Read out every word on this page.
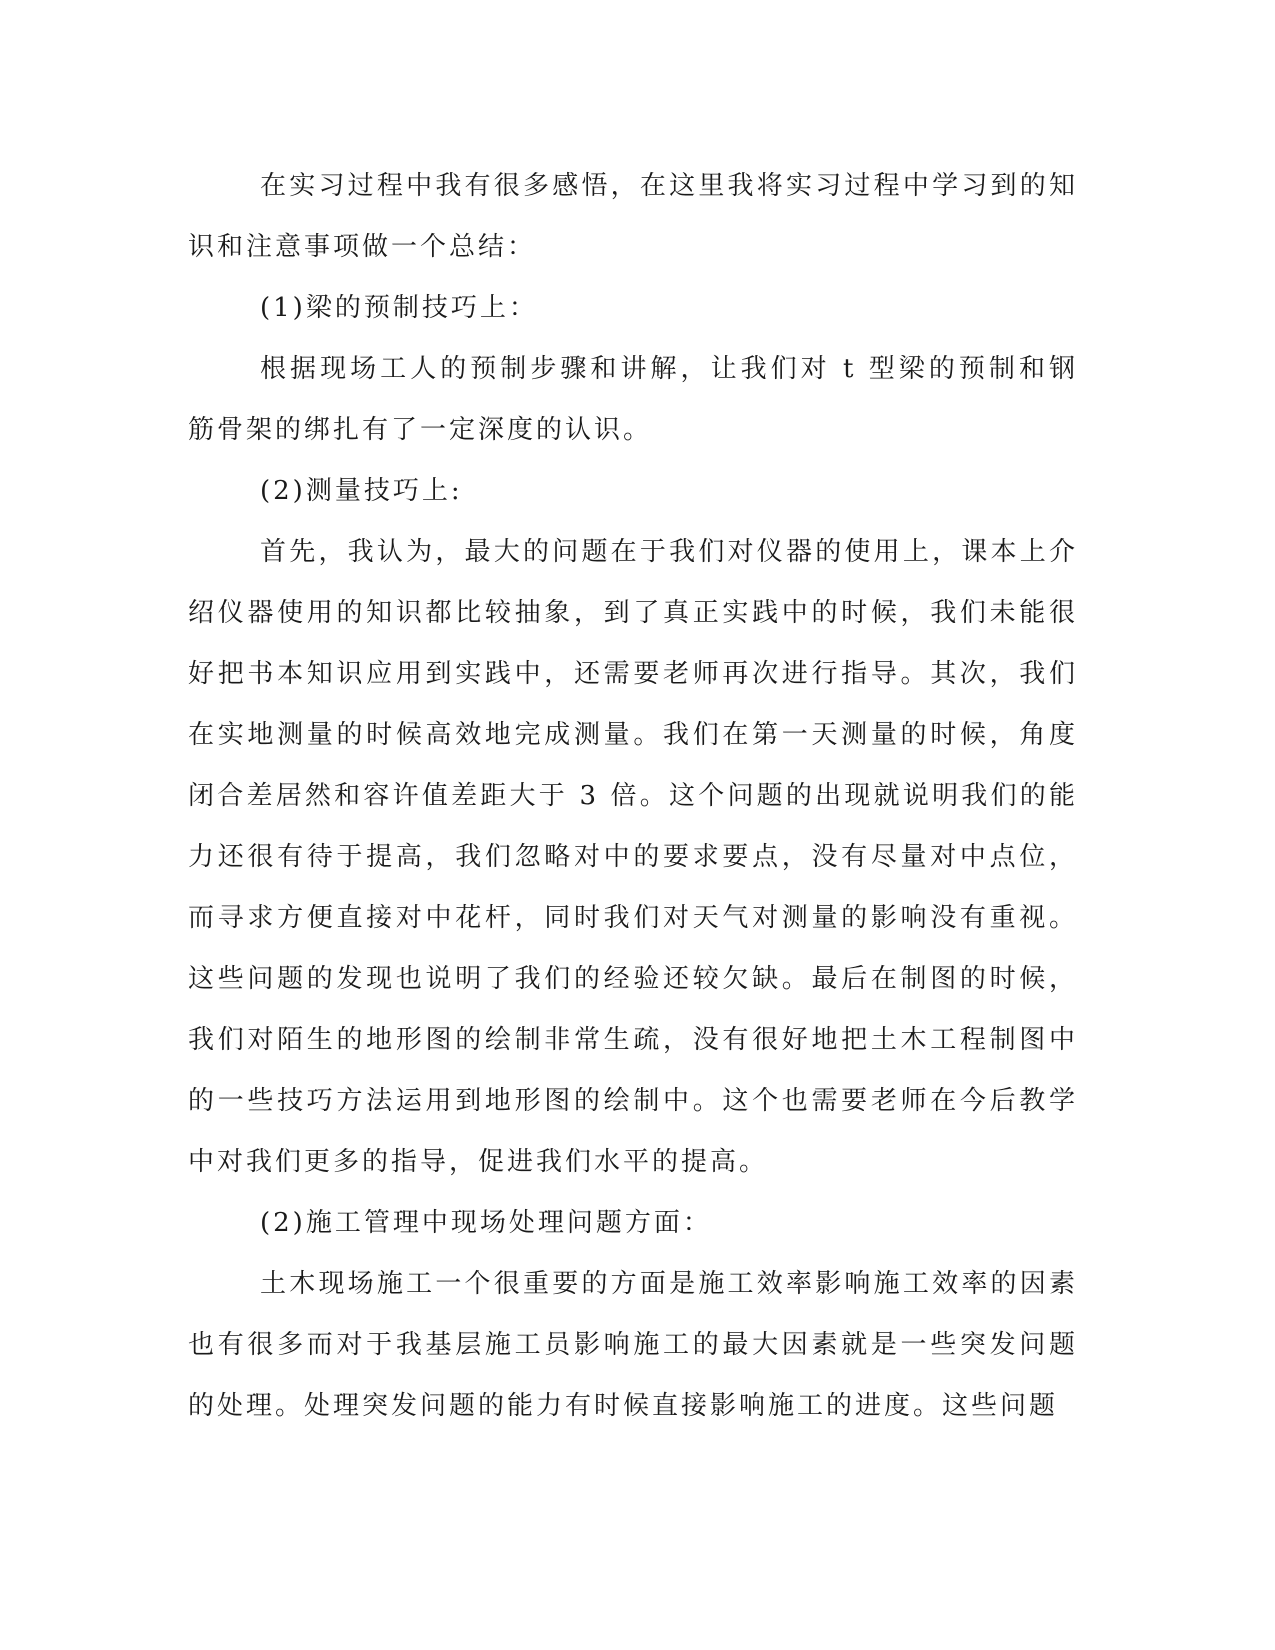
在实习过程中我有很多感悟，在这里我将实习过程中学习到的知识和注意事项做一个总结：

(1)梁的预制技巧上：

根据现场工人的预制步骤和讲解，让我们对 t 型梁的预制和钢筋骨架的绑扎有了一定深度的认识。

(2)测量技巧上:

首先，我认为，最大的问题在于我们对仪器的使用上，课本上介绍仪器使用的知识都比较抽象，到了真正实践中的时候，我们未能很好把书本知识应用到实践中，还需要老师再次进行指导。其次，我们在实地测量的时候高效地完成测量。我们在第一天测量的时候，角度闭合差居然和容许值差距大于 3 倍。这个问题的出现就说明我们的能力还很有待于提高，我们忽略对中的要求要点，没有尽量对中点位，而寻求方便直接对中花杆，同时我们对天气对测量的影响没有重视。这些问题的发现也说明了我们的经验还较欠缺。最后在制图的时候，我们对陌生的地形图的绘制非常生疏，没有很好地把土木工程制图中的一些技巧方法运用到地形图的绘制中。这个也需要老师在今后教学中对我们更多的指导，促进我们水平的提高。

(2)施工管理中现场处理问题方面：

土木现场施工一个很重要的方面是施工效率影响施工效率的因素也有很多而对于我基层施工员影响施工的最大因素就是一些突发问题的处理。处理突发问题的能力有时候直接影响施工的进度。这些问题
